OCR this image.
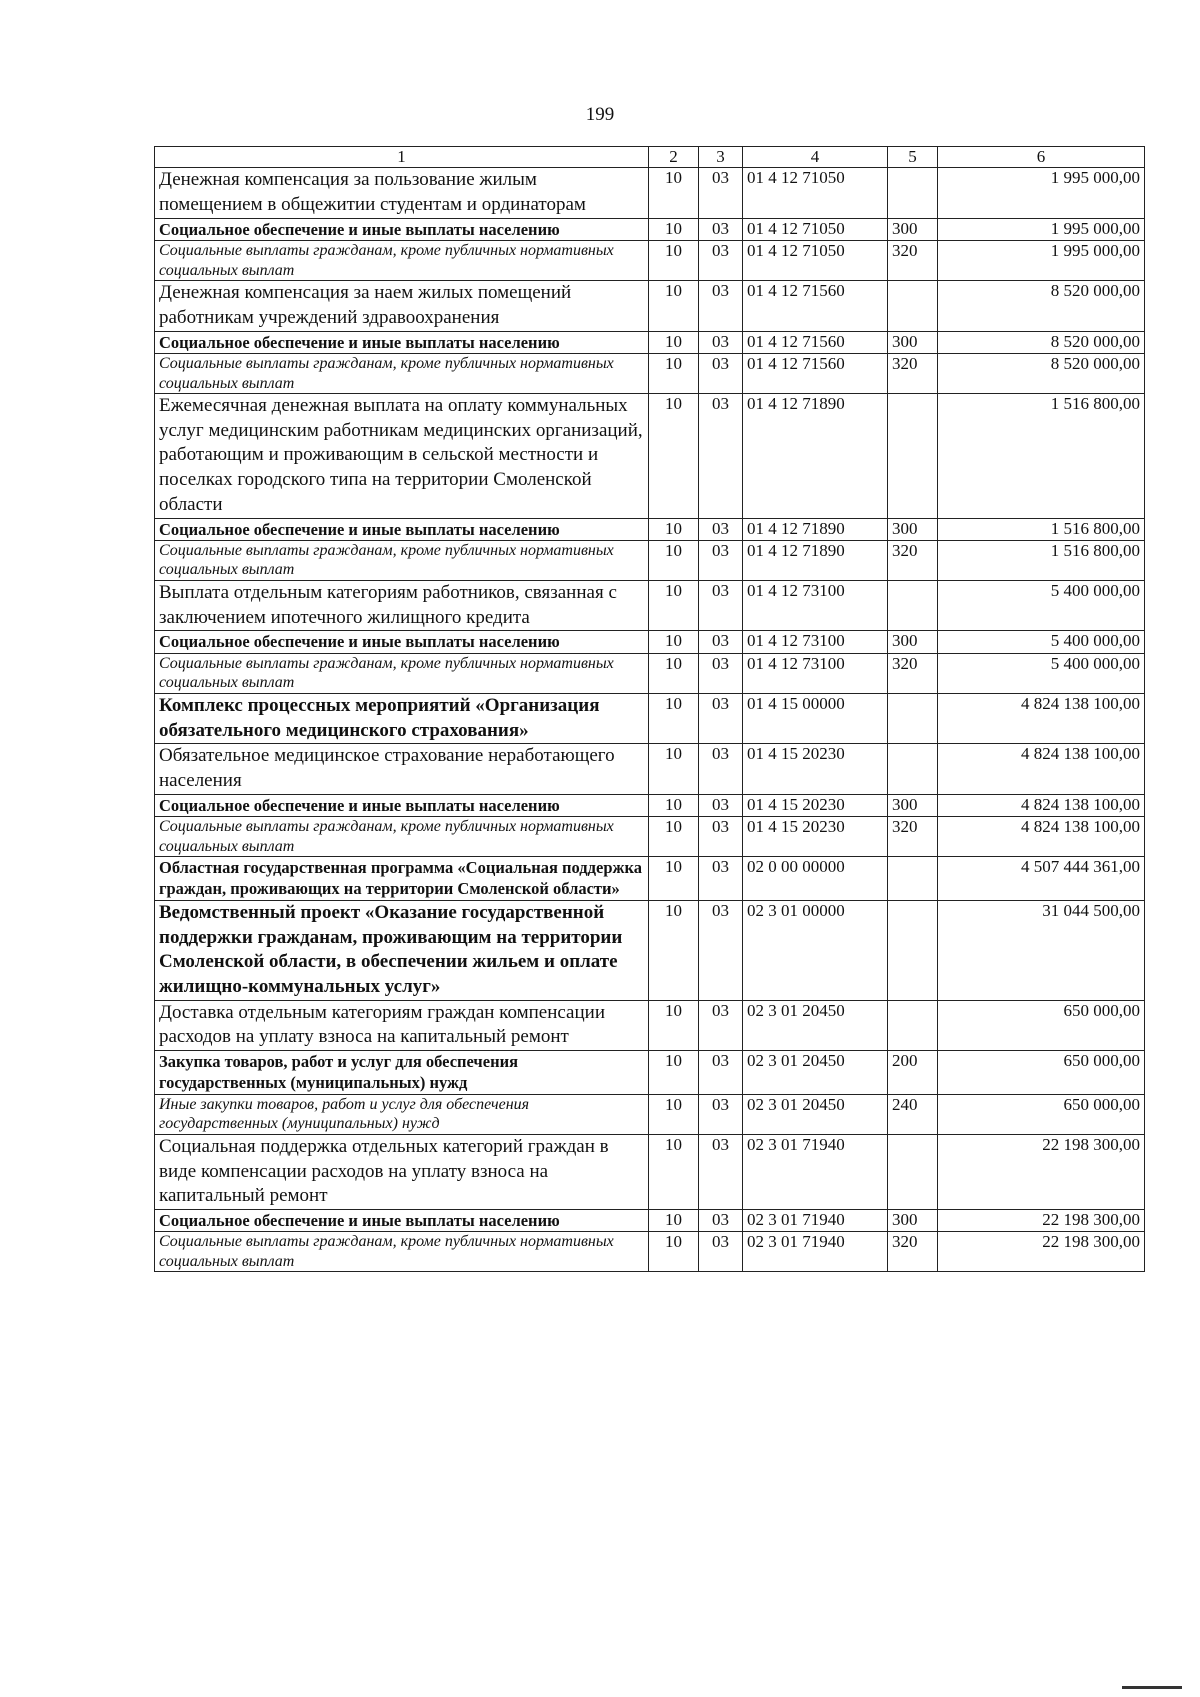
199
1	2	3	4	5	6
Денежная компенсация за пользование жилым помещением в общежитии студентам и ординаторам	10	03	01 4 12 71050		1 995 000,00
Социальное обеспечение и иные выплаты населению	10	03	01 4 12 71050	300	1 995 000,00
Социальные выплаты гражданам, кроме публичных нормативных социальных выплат	10	03	01 4 12 71050	320	1 995 000,00
Денежная компенсация за наем жилых помещений работникам учреждений здравоохранения	10	03	01 4 12 71560		8 520 000,00
Социальное обеспечение и иные выплаты населению	10	03	01 4 12 71560	300	8 520 000,00
Социальные выплаты гражданам, кроме публичных нормативных социальных выплат	10	03	01 4 12 71560	320	8 520 000,00
Ежемесячная денежная выплата на оплату коммунальных услуг медицинским работникам медицинских организаций, работающим и проживающим в сельской местности и поселках городского типа на территории Смоленской области	10	03	01 4 12 71890		1 516 800,00
Социальное обеспечение и иные выплаты населению	10	03	01 4 12 71890	300	1 516 800,00
Социальные выплаты гражданам, кроме публичных нормативных социальных выплат	10	03	01 4 12 71890	320	1 516 800,00
Выплата отдельным категориям работников, связанная с заключением ипотечного жилищного кредита	10	03	01 4 12 73100		5 400 000,00
Социальное обеспечение и иные выплаты населению	10	03	01 4 12 73100	300	5 400 000,00
Социальные выплаты гражданам, кроме публичных нормативных социальных выплат	10	03	01 4 12 73100	320	5 400 000,00
Комплекс процессных мероприятий «Организация обязательного медицинского страхования»	10	03	01 4 15 00000		4 824 138 100,00
Обязательное медицинское страхование неработающего населения	10	03	01 4 15 20230		4 824 138 100,00
Социальное обеспечение и иные выплаты населению	10	03	01 4 15 20230	300	4 824 138 100,00
Социальные выплаты гражданам, кроме публичных нормативных социальных выплат	10	03	01 4 15 20230	320	4 824 138 100,00
Областная государственная программа «Социальная поддержка граждан, проживающих на территории Смоленской области»	10	03	02 0 00 00000		4 507 444 361,00
Ведомственный проект «Оказание государственной поддержки гражданам, проживающим на территории Смоленской области, в обеспечении жильем и оплате жилищно-коммунальных услуг»	10	03	02 3 01 00000		31 044 500,00
Доставка отдельным категориям граждан компенсации расходов на уплату взноса на капитальный ремонт	10	03	02 3 01 20450		650 000,00
Закупка товаров, работ и услуг для обеспечения государственных (муниципальных) нужд	10	03	02 3 01 20450	200	650 000,00
Иные закупки товаров, работ и услуг для обеспечения государственных (муниципальных) нужд	10	03	02 3 01 20450	240	650 000,00
Социальная поддержка отдельных категорий граждан в виде компенсации расходов на уплату взноса на капитальный ремонт	10	03	02 3 01 71940		22 198 300,00
Социальное обеспечение и иные выплаты населению	10	03	02 3 01 71940	300	22 198 300,00
Социальные выплаты гражданам, кроме публичных нормативных социальных выплат	10	03	02 3 01 71940	320	22 198 300,00
